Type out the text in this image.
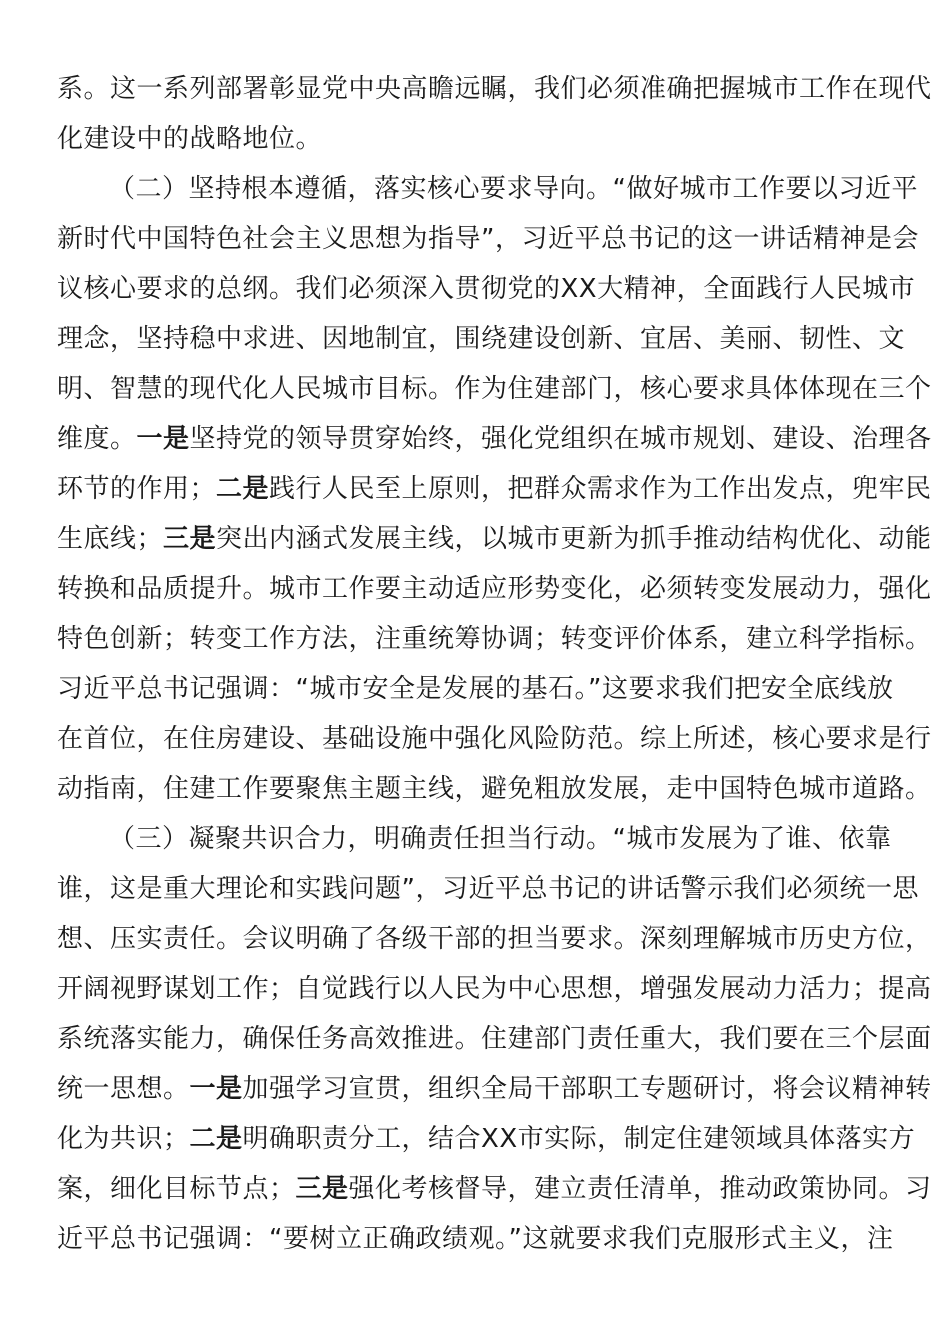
系。这一系列部署彰显党中央高瞻远瞩，我们必须准确把握城市工作在现代
化建设中的战略地位。
（二）坚持根本遵循，落实核心要求导向。“做好城市工作要以习近平
新时代中国特色社会主义思想为指导”，习近平总书记的这一讲话精神是会
议核心要求的总纲。我们必须深入贯彻党的XX大精神，全面践行人民城市
理念，坚持稳中求进、因地制宜，围绕建设创新、宜居、美丽、韧性、文
明、智慧的现代化人民城市目标。作为住建部门，核心要求具体体现在三个
维度。一是坚持党的领导贯穿始终，强化党组织在城市规划、建设、治理各
环节的作用；二是践行人民至上原则，把群众需求作为工作出发点，兜牢民
生底线；三是突出内涵式发展主线，以城市更新为抓手推动结构优化、动能
转换和品质提升。城市工作要主动适应形势变化，必须转变发展动力，强化
特色创新；转变工作方法，注重统筹协调；转变评价体系，建立科学指标。
习近平总书记强调：“城市安全是发展的基石。”这要求我们把安全底线放
在首位，在住房建设、基础设施中强化风险防范。综上所述，核心要求是行
动指南，住建工作要聚焦主题主线，避免粗放发展，走中国特色城市道路。
（三）凝聚共识合力，明确责任担当行动。“城市发展为了谁、依靠
谁，这是重大理论和实践问题”，习近平总书记的讲话警示我们必须统一思
想、压实责任。会议明确了各级干部的担当要求。深刻理解城市历史方位，
开阔视野谋划工作；自觉践行以人民为中心思想，增强发展动力活力；提高
系统落实能力，确保任务高效推进。住建部门责任重大，我们要在三个层面
统一思想。一是加强学习宣贯，组织全局干部职工专题研讨，将会议精神转
化为共识；二是明确职责分工，结合XX市实际，制定住建领域具体落实方
案，细化目标节点；三是强化考核督导，建立责任清单，推动政策协同。习
近平总书记强调：“要树立正确政绩观。”这就要求我们克服形式主义，注
